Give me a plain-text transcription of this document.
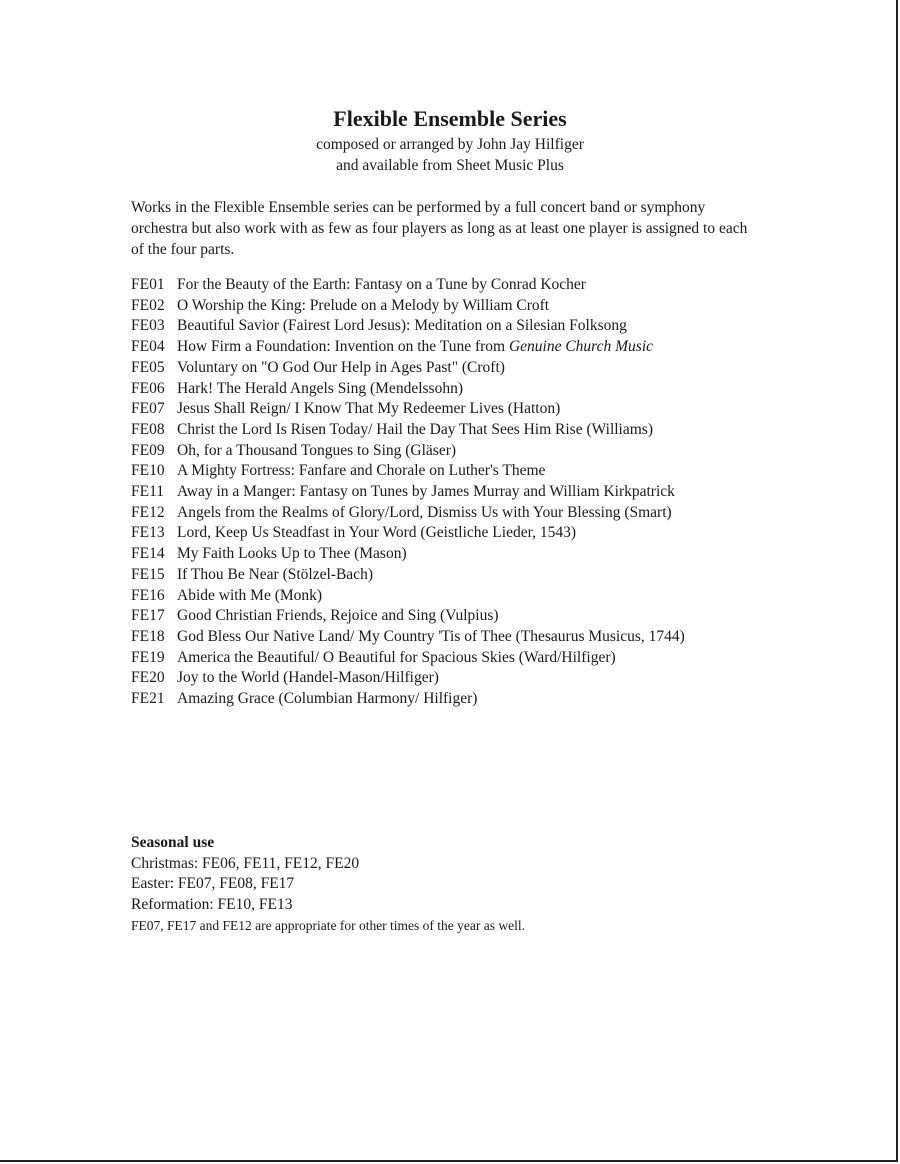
Flexible Ensemble Series
composed or arranged by John Jay Hilfiger
and available from Sheet Music Plus
Works in the Flexible Ensemble series can be performed by a full concert band or symphony orchestra but also work with as few as four players as long as at least one player is assigned to each of the four parts.
FE01 For the Beauty of the Earth: Fantasy on a Tune by Conrad Kocher
FE02 O Worship the King: Prelude on a Melody by William Croft
FE03 Beautiful Savior (Fairest Lord Jesus): Meditation on a Silesian Folksong
FE04 How Firm a Foundation: Invention on the Tune from Genuine Church Music
FE05 Voluntary on "O God Our Help in Ages Past" (Croft)
FE06 Hark! The Herald Angels Sing (Mendelssohn)
FE07 Jesus Shall Reign/ I Know That My Redeemer Lives (Hatton)
FE08 Christ the Lord Is Risen Today/ Hail the Day That Sees Him Rise (Williams)
FE09 Oh, for a Thousand Tongues to Sing (Gläser)
FE10 A Mighty Fortress: Fanfare and Chorale on Luther's Theme
FE11 Away in a Manger: Fantasy on Tunes by James Murray and William Kirkpatrick
FE12 Angels from the Realms of Glory/Lord, Dismiss Us with Your Blessing (Smart)
FE13 Lord, Keep Us Steadfast in Your Word (Geistliche Lieder, 1543)
FE14 My Faith Looks Up to Thee (Mason)
FE15 If Thou Be Near (Stölzel-Bach)
FE16 Abide with Me (Monk)
FE17 Good Christian Friends, Rejoice and Sing (Vulpius)
FE18 God Bless Our Native Land/ My Country 'Tis of Thee (Thesaurus Musicus, 1744)
FE19 America the Beautiful/ O Beautiful for Spacious Skies (Ward/Hilfiger)
FE20 Joy to the World (Handel-Mason/Hilfiger)
FE21 Amazing Grace (Columbian Harmony/ Hilfiger)
Seasonal use
Christmas: FE06, FE11, FE12, FE20
Easter: FE07, FE08, FE17
Reformation: FE10, FE13
FE07, FE17 and FE12 are appropriate for other times of the year as well.
